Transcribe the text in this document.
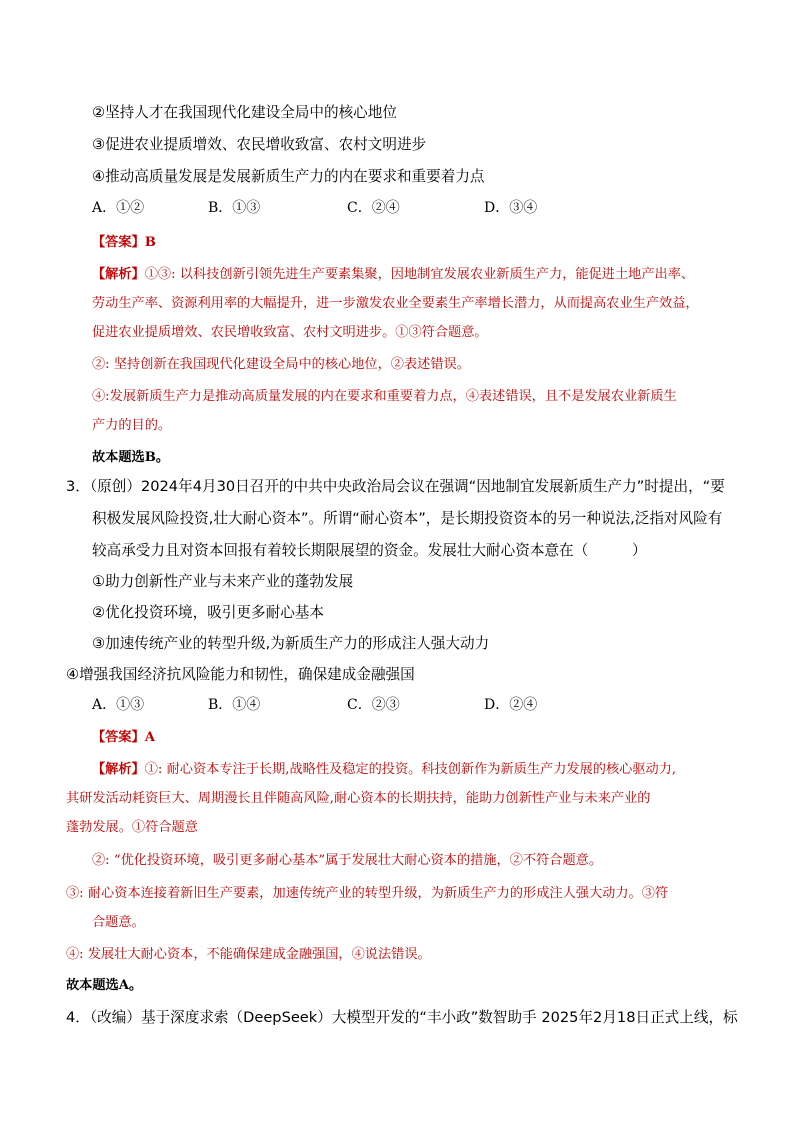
②坚持人才在我国现代化建设全局中的核心地位
③促进农业提质增效、农民增收致富、农村文明进步
④推动高质量发展是发展新质生产力的内在要求和重要着力点
A．①②	B．①③	C．②④	D．③④
【答案】B
【解析】①③: 以科技创新引领先进生产要素集聚，因地制宜发展农业新质生产力，能促进土地产出率、
劳动生产率、资源利用率的大幅提升，进一步激发农业全要素生产率增长潜力，从而提高农业生产效益，
促进农业提质增效、农民增收致富、农村文明进步。①③符合题意。
②: 坚持创新在我国现代化建设全局中的核心地位，②表述错误。
④:发展新质生产力是推动高质量发展的内在要求和重要着力点，④表述错误，且不是发展农业新质生
产力的目的。
故本题选B。
3．（原创）2024年4月30日召开的中共中央政治局会议在强调“因地制宜发展新质生产力”时提出，“要
积极发展风险投资,壮大耐心资本”。所谓“耐心资本”，是长期投资资本的另一种说法,泛指对风险有
较高承受力且对资本回报有着较长期限展望的资金。发展壮大耐心资本意在（　　　）
①助力创新性产业与未来产业的蓬勃发展
②优化投资环境，吸引更多耐心基本
③加速传统产业的转型升级,为新质生产力的形成注人强大动力
④增强我国经济抗风险能力和韧性，确保建成金融强国
A．①③	B．①④	C．②③	D．②④
【答案】A
【解析】①: 耐心资本专注于长期,战略性及稳定的投资。科技创新作为新质生产力发展的核心驱动力,
其研发活动耗资巨大、周期漫长且伴随高风险,耐心资本的长期扶持，能助力创新性产业与未来产业的
蓬勃发展。①符合题意
②: “优化投资环境，吸引更多耐心基本”属于发展壮大耐心资本的措施，②不符合题意。
③: 耐心资本连接着新旧生产要素，加速传统产业的转型升级，为新质生产力的形成注人强大动力。③符
合题意。
④: 发展壮大耐心资本，不能确保建成金融强国，④说法错误。
故本题选A。
4．（改编）基于深度求索（DeepSeek）大模型开发的“丰小政”数智助手 2025年2月18日正式上线，标
